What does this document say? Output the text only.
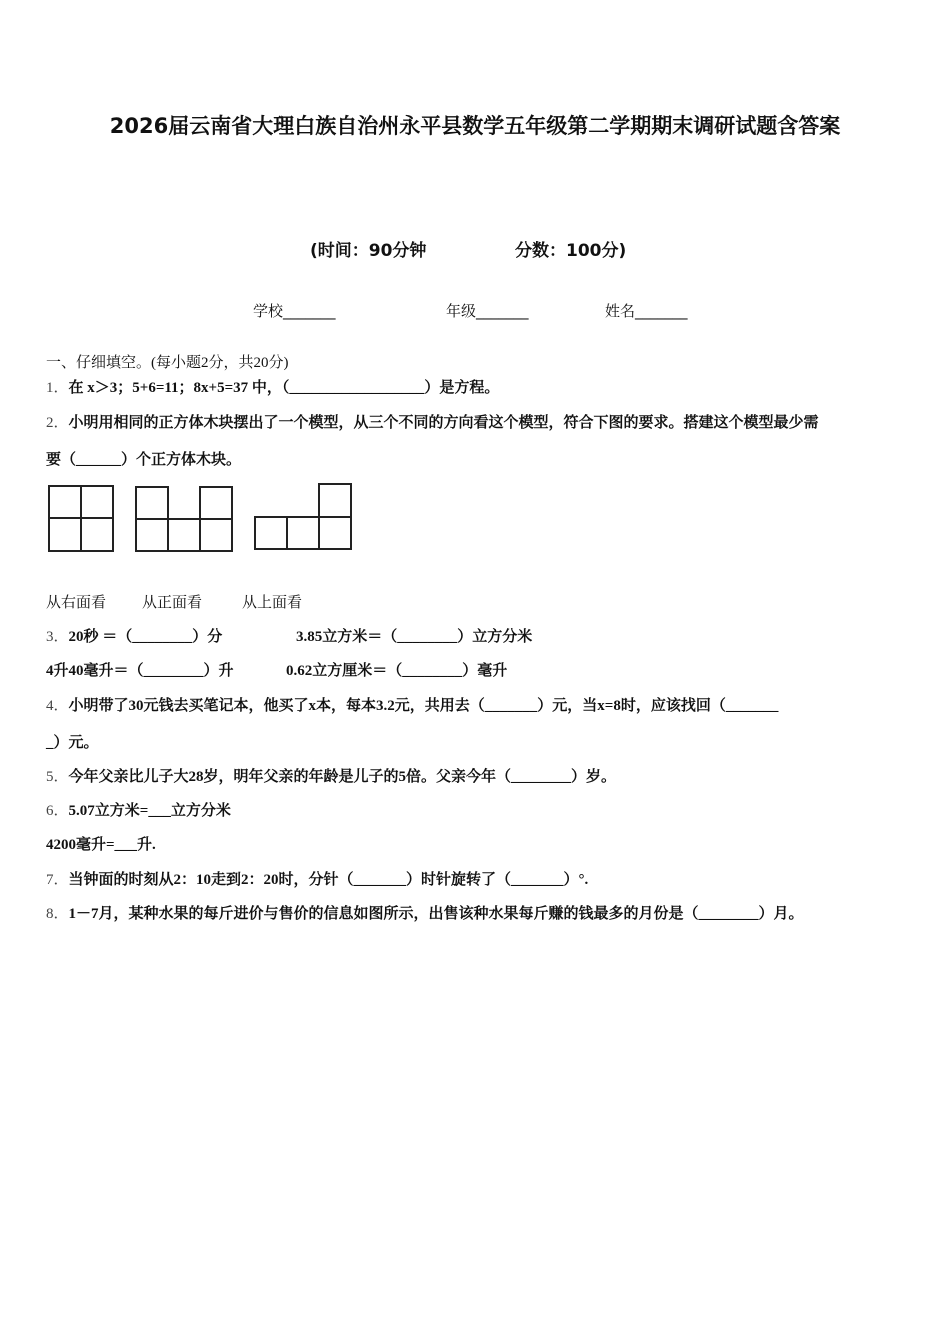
2026届云南省大理白族自治州永平县数学五年级第二学期期末调研试题含答案
(时间：90分钟	分数：100分)
学校_______	年级_______	姓名_______
一、仔细填空。(每小题2分，共20分)
1．在 x＞3；5+6=11；8x+5=37 中，（__________________）是方程。
2．小明用相同的正方体木块摆出了一个模型，从三个不同的方向看这个模型，符合下图的要求。搭建这个模型最少需
要（______）个正方体木块。
从右面看 从正面看	从上面看
3．20秒 ＝（________）分	3.85立方米＝（________）立方分米
4升40毫升＝（________）升	0.62立方厘米＝（________）毫升
4．小明带了30元钱去买笔记本，他买了x本，每本3.2元，共用去（_______）元，当x=8时，应该找回（_______
_）元。
5．今年父亲比儿子大28岁，明年父亲的年龄是儿子的5倍。父亲今年（________）岁。
6．5.07立方米=___立方分米
4200毫升=___升.
7．当钟面的时刻从2：10走到2：20时，分针（_______）时针旋转了（_______）°.
8．1－7月，某种水果的每斤进价与售价的信息如图所示，出售该种水果每斤赚的钱最多的月份是（________）月。
